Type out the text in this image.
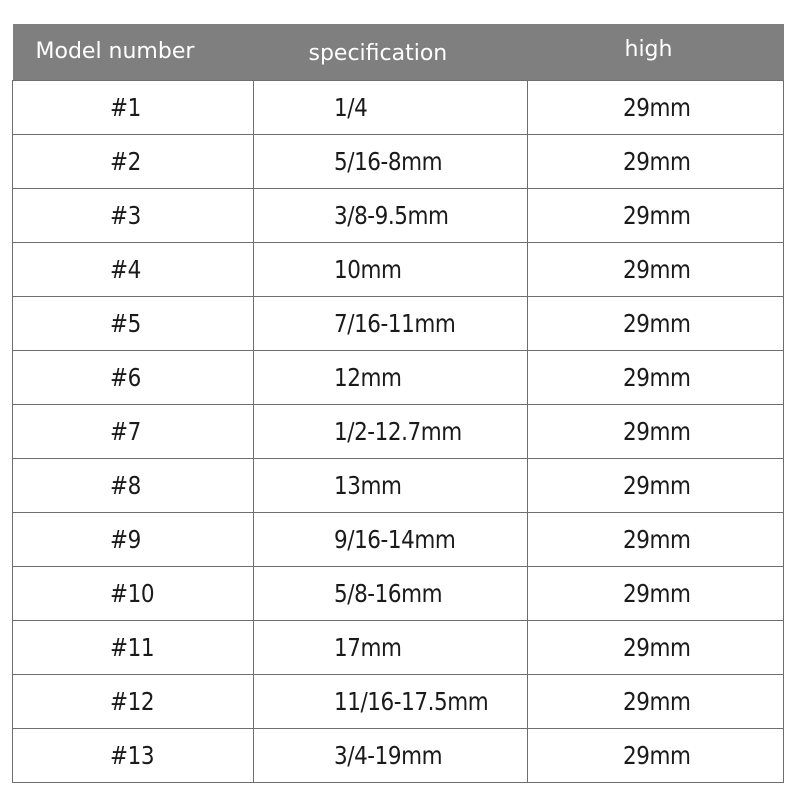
Model number	specification	high
#1	1/4	29mm
#2	5/16-8mm	29mm
#3	3/8-9.5mm	29mm
#4	10mm	29mm
#5	7/16-11mm	29mm
#6	12mm	29mm
#7	1/2-12.7mm	29mm
#8	13mm	29mm
#9	9/16-14mm	29mm
#10	5/8-16mm	29mm
#11	17mm	29mm
#12	11/16-17.5mm	29mm
#13	3/4-19mm	29mm
